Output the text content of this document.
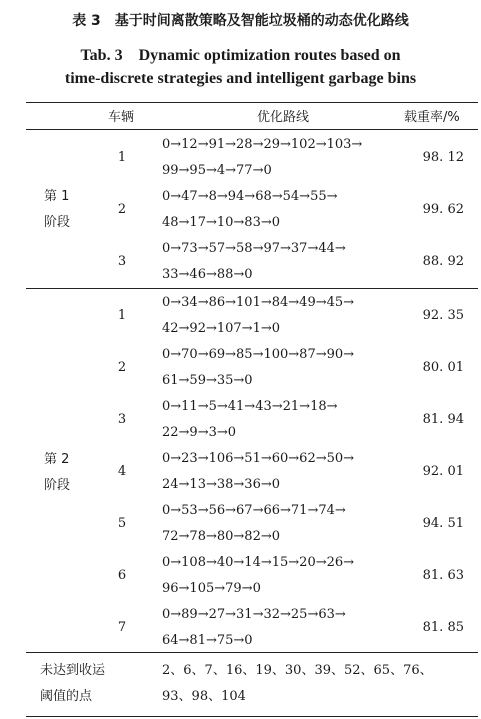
表 3　基于时间离散策略及智能垃圾桶的动态优化路线
Tab. 3　Dynamic optimization routes based on
time-discrete strategies and intelligent garbage bins
车辆	优化路线	载重率/%
第 1
阶段
1
0→12→91→28→29→102→103→
99→95→4→77→0
98. 12
2
0→47→8→94→68→54→55→
48→17→10→83→0
99. 62
3
0→73→57→58→97→37→44→
33→46→88→0
88. 92
第 2
阶段
1
0→34→86→101→84→49→45→
42→92→107→1→0
92. 35
2
0→70→69→85→100→87→90→
61→59→35→0
80. 01
3
0→11→5→41→43→21→18→
22→9→3→0
81. 94
4
0→23→106→51→60→62→50→
24→13→38→36→0
92. 01
5
0→53→56→67→66→71→74→
72→78→80→82→0
94. 51
6
0→108→40→14→15→20→26→
96→105→79→0
81. 63
7
0→89→27→31→32→25→63→
64→81→75→0
81. 85
未达到收运
阈值的点
2、6、7、16、19、30、39、52、65、76、
93、98、104
